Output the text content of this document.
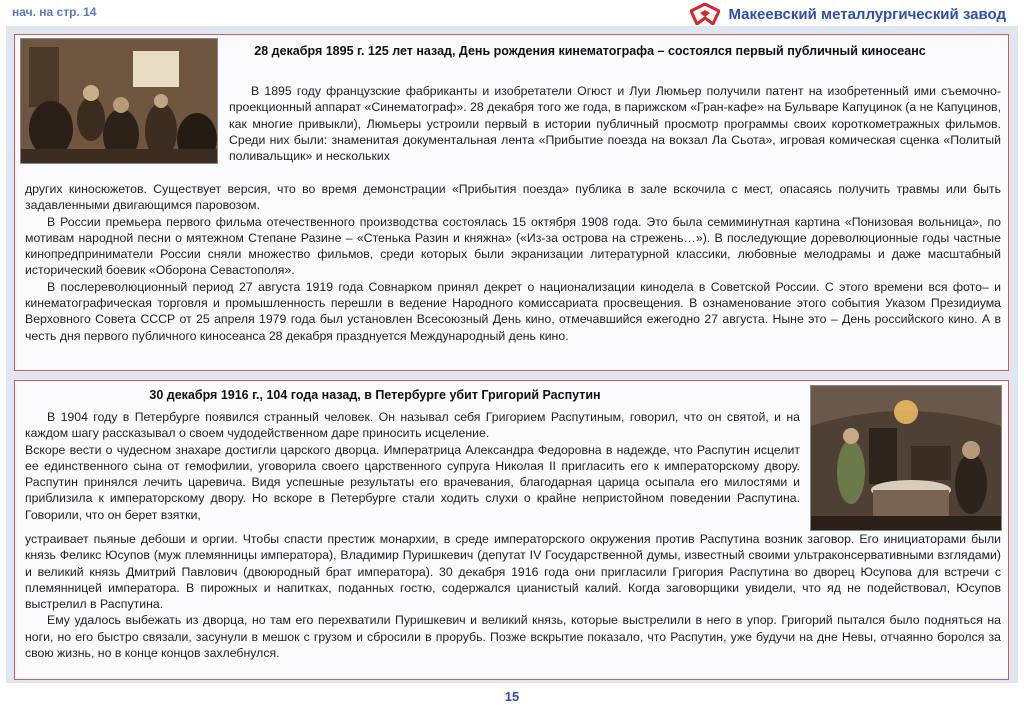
нач. на стр. 14	Макеевский металлургический завод
28 декабря 1895 г. 125 лет назад, День рождения кинематографа – состоялся первый публичный киносеанс

В 1895 году французские фабриканты и изобретатели Огюст и Луи Люмьер получили патент на изобретенный ими съемочно-проекционный аппарат «Синематограф». 28 декабря того же года, в парижском «Гран-кафе» на Бульваре Капуцинок (а не Капуцинов, как многие привыкли), Люмьеры устроили первый в истории публичный просмотр программы своих короткометражных фильмов. Среди них были: знаменитая документальная лента «Прибытие поезда на вокзал Ла Сьота», игровая комическая сценка «Политый поливальщик» и нескольких

других киносюжетов. Существует версия, что во время демонстрации «Прибытия поезда» публика в зале вскочила с мест, опасаясь получить травмы или быть задавленными двигающимся паровозом.

В России премьера первого фильма отечественного производства состоялась 15 октября 1908 года. Это была семиминутная картина «Понизовая вольница», по мотивам народной песни о мятежном Степане Разине – «Стенька Разин и княжна» («Из-за острова на стрежень…»). В последующие дореволюционные годы частные кинопредприниматели России сняли множество фильмов, среди которых были экранизации литературной классики, любовные мелодрамы и даже масштабный исторический боевик «Оборона Севастополя».

В послереволюционный период 27 августа 1919 года Совнарком принял декрет о национализации кинодела в Советской России. С этого времени вся фото– и кинематографическая торговля и промышленность перешли в ведение Народного комиссариата просвещения. В ознаменование этого события Указом Президиума Верховного Совета СССР от 25 апреля 1979 года был установлен Всесоюзный День кино, отмечавшийся ежегодно 27 августа. Ныне это – День российского кино. А в честь дня первого публичного киносеанса 28 декабря празднуется Международный день кино.

30 декабря 1916 г., 104 года назад, в Петербурге убит Григорий Распутин

В 1904 году в Петербурге появился странный человек. Он называл себя Григорием Распутиным, говорил, что он святой, и на каждом шагу рассказывал о своем чудодейственном даре приносить исцеление.

Вскоре вести о чудесном знахаре достигли царского дворца. Императрица Александра Федоровна в надежде, что Распутин исцелит ее единственного сына от гемофилии, уговорила своего царственного супруга Николая II пригласить его к императорскому двору. Распутин принялся лечить царевича. Видя успешные результаты его врачевания, благодарная царица осыпала его милостями и приблизила к императорскому двору. Но вскоре в Петербурге стали ходить слухи о крайне непристойном поведении Распутина. Говорили, что он берет взятки,

устраивает пьяные дебоши и оргии. Чтобы спасти престиж монархии, в среде императорского окружения против Распутина возник заговор. Его инициаторами были князь Феликс Юсупов (муж племянницы императора), Владимир Пуришкевич (депутат IV Государственной думы, известный своими ультраконсервативными взглядами) и великий князь Дмитрий Павлович (двоюродный брат императора). 30 декабря 1916 года они пригласили Григория Распутина во дворец Юсупова для встречи с племянницей императора. В пирожных и напитках, поданных гостю, содержался цианистый калий. Когда заговорщики увидели, что яд не подействовал, Юсупов выстрелил в Распутина.

Ему удалось выбежать из дворца, но там его перехватили Пуришкевич и великий князь, которые выстрелили в него в упор. Григорий пытался было подняться на ноги, но его быстро связали, засунули в мешок с грузом и сбросили в прорубь. Позже вскрытие показало, что Распутин, уже будучи на дне Невы, отчаянно боролся за свою жизнь, но в конце концов захлебнулся.

15
